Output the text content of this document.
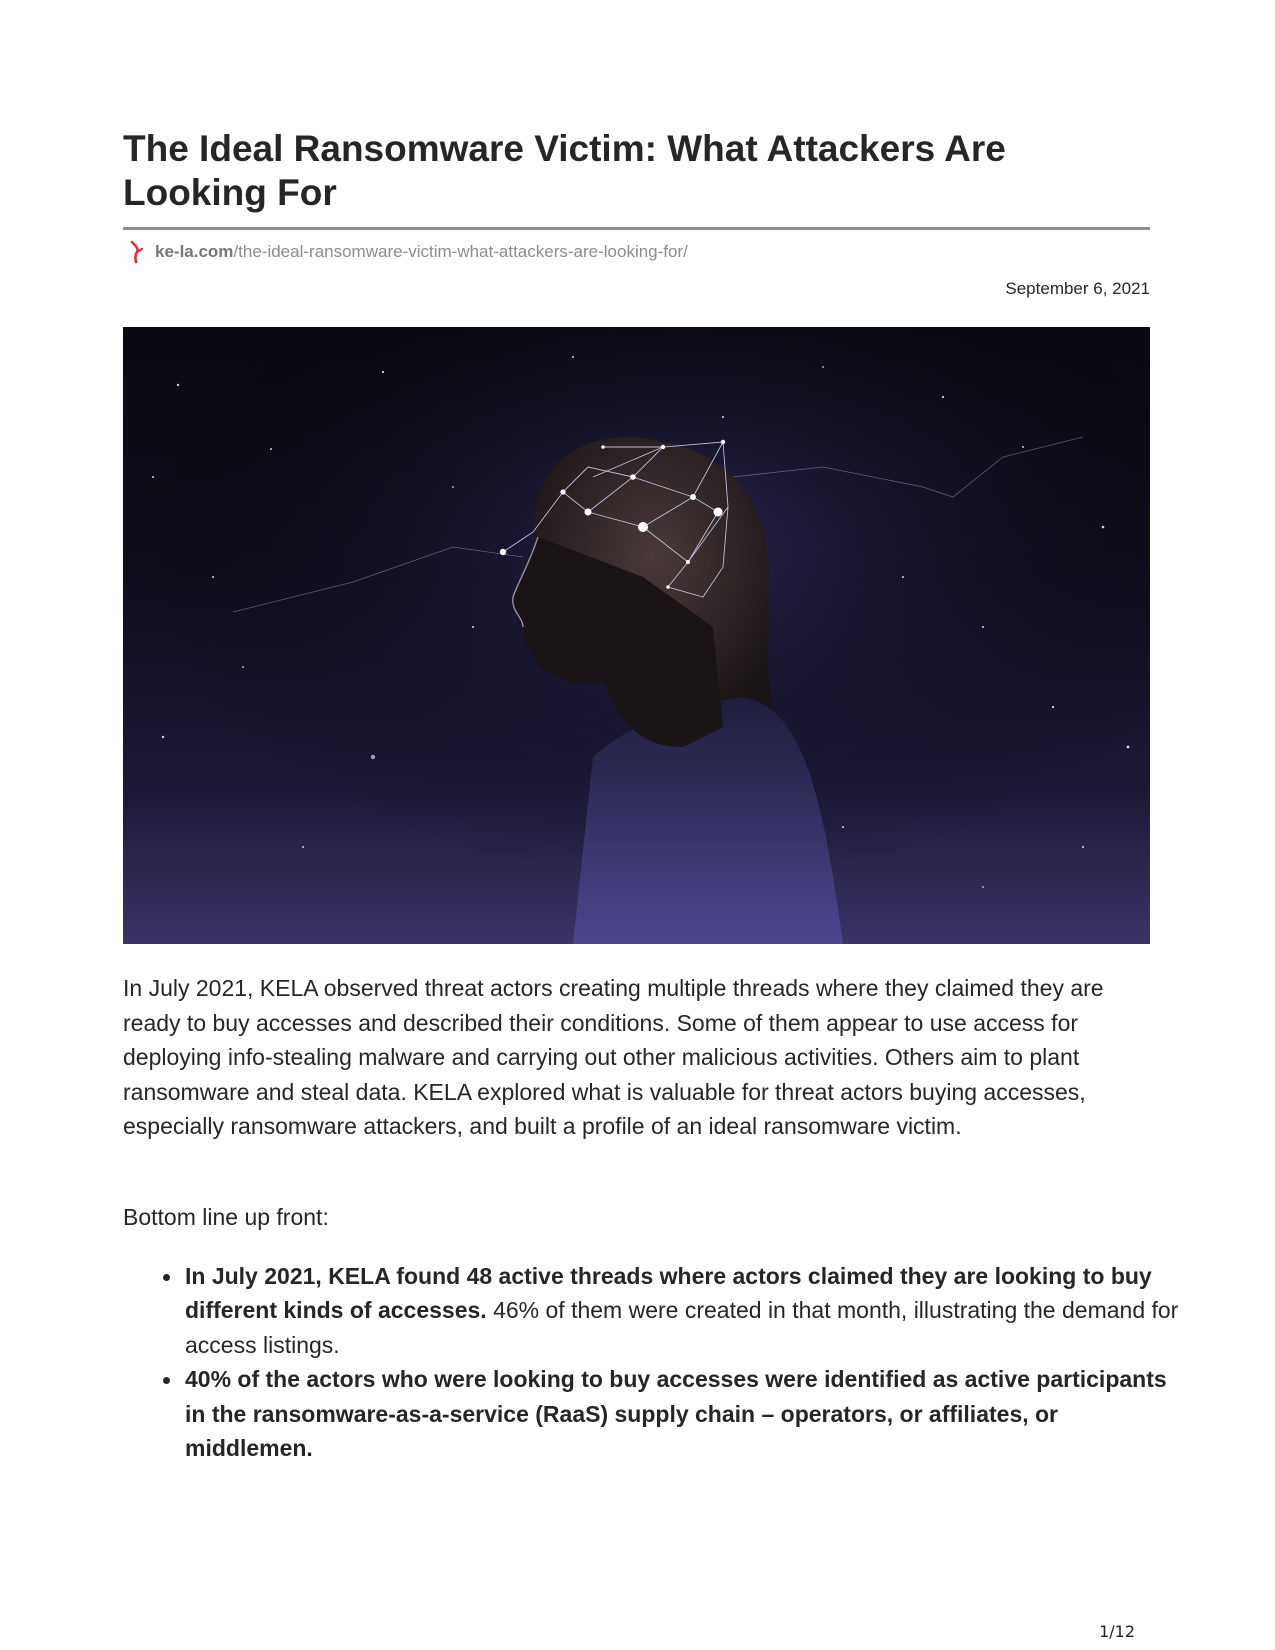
The Ideal Ransomware Victim: What Attackers Are Looking For
ke-la.com /the-ideal-ransomware-victim-what-attackers-are-looking-for/
September 6, 2021

In July 2021, KELA observed threat actors creating multiple threads where they claimed they are ready to buy accesses and described their conditions. Some of them appear to use access for deploying info-stealing malware and carrying out other malicious activities. Others aim to plant ransomware and steal data. KELA explored what is valuable for threat actors buying accesses, especially ransomware attackers, and built a profile of an ideal ransomware victim.

Bottom line up front:

In July 2021, KELA found 48 active threads where actors claimed they are looking to buy different kinds of accesses. 46% of them were created in that month, illustrating the demand for access listings.
40% of the actors who were looking to buy accesses were identified as active participants in the ransomware-as-a-service (RaaS) supply chain – operators, or affiliates, or middlemen.
1/12
